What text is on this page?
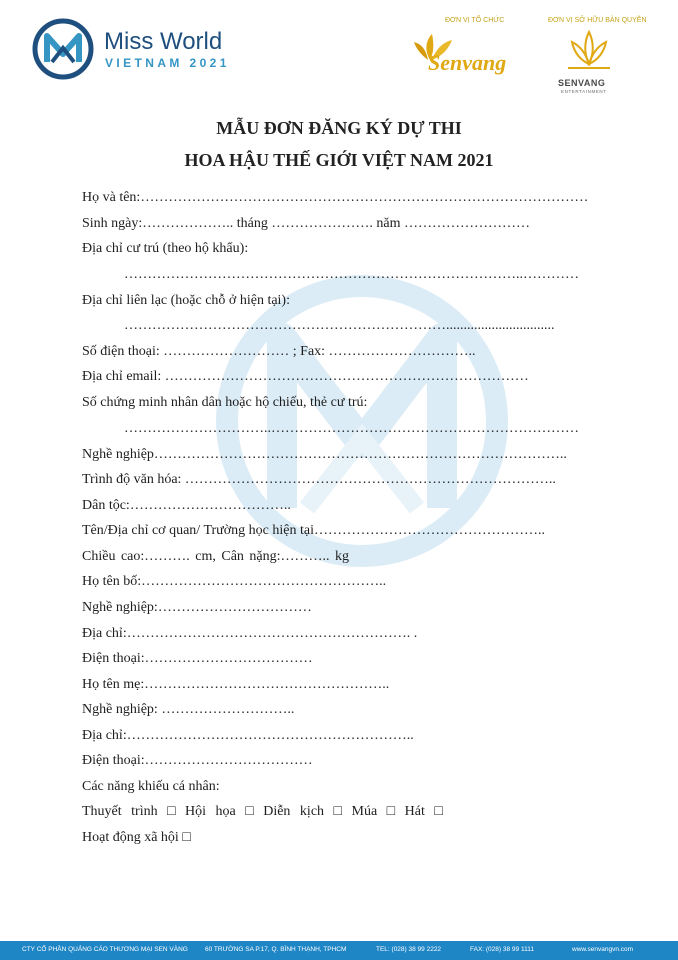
Miss World
VIETNAM 2021
ĐƠN VỊ TỔ CHỨC	ĐƠN VỊ SỞ HỮU BẢN QUYỀN
Senvang
SENVANG
ENTERTAINMENT
MẪU ĐƠN ĐĂNG KÝ DỰ THI
HOA HẬU THẾ GIỚI VIỆT NAM 2021
Họ và tên:……………………………………………………………………………………
Sinh ngày:……………….. tháng …………………. năm ………………………
Địa chỉ cư trú (theo hộ khẩu):
…………………………………………………………………………..…………
Địa chỉ liên lạc (hoặc chỗ ở hiện tại):
……………………………………………………………...............................
Số điện thoại: ……………………… ; Fax: …………………………..
Địa chỉ email: ……………………………………………………………………
Số chứng minh nhân dân hoặc hộ chiếu, thẻ cư trú:
…………………………..…………………………………………………………
Nghề nghiệp……………………………………………………………………………..
Trình độ văn hóa: ……………………………………………………………………..
Dân tộc:……………………………..
Tên/Địa chỉ cơ quan/ Trường học hiện tại…………………………………………..
Chiều cao:………. cm, Cân nặng:……….. kg
Họ tên bố:……………………………………………..
Nghề nghiệp:……………………………
Địa chỉ:……………………………………………………. .
Điện thoại:………………………………
Họ tên mẹ:……………………………………………..
Nghề nghiệp: ………………………..
Địa chỉ:……………………………………………………..
Điện thoại:………………………………
Các năng khiếu cá nhân:
Thuyết trình □ Hội họa □ Diễn kịch □ Múa □ Hát □
Hoạt động xã hội □
CTY CỔ PHẦN QUẢNG CÁO THƯƠNG MẠI SEN VÀNG	60 TRƯỜNG SA P.17, Q. BÌNH THẠNH, TPHCM	TEL: (028) 38 99 2222	FAX: (028) 38 99 1111	www.senvangvn.com
